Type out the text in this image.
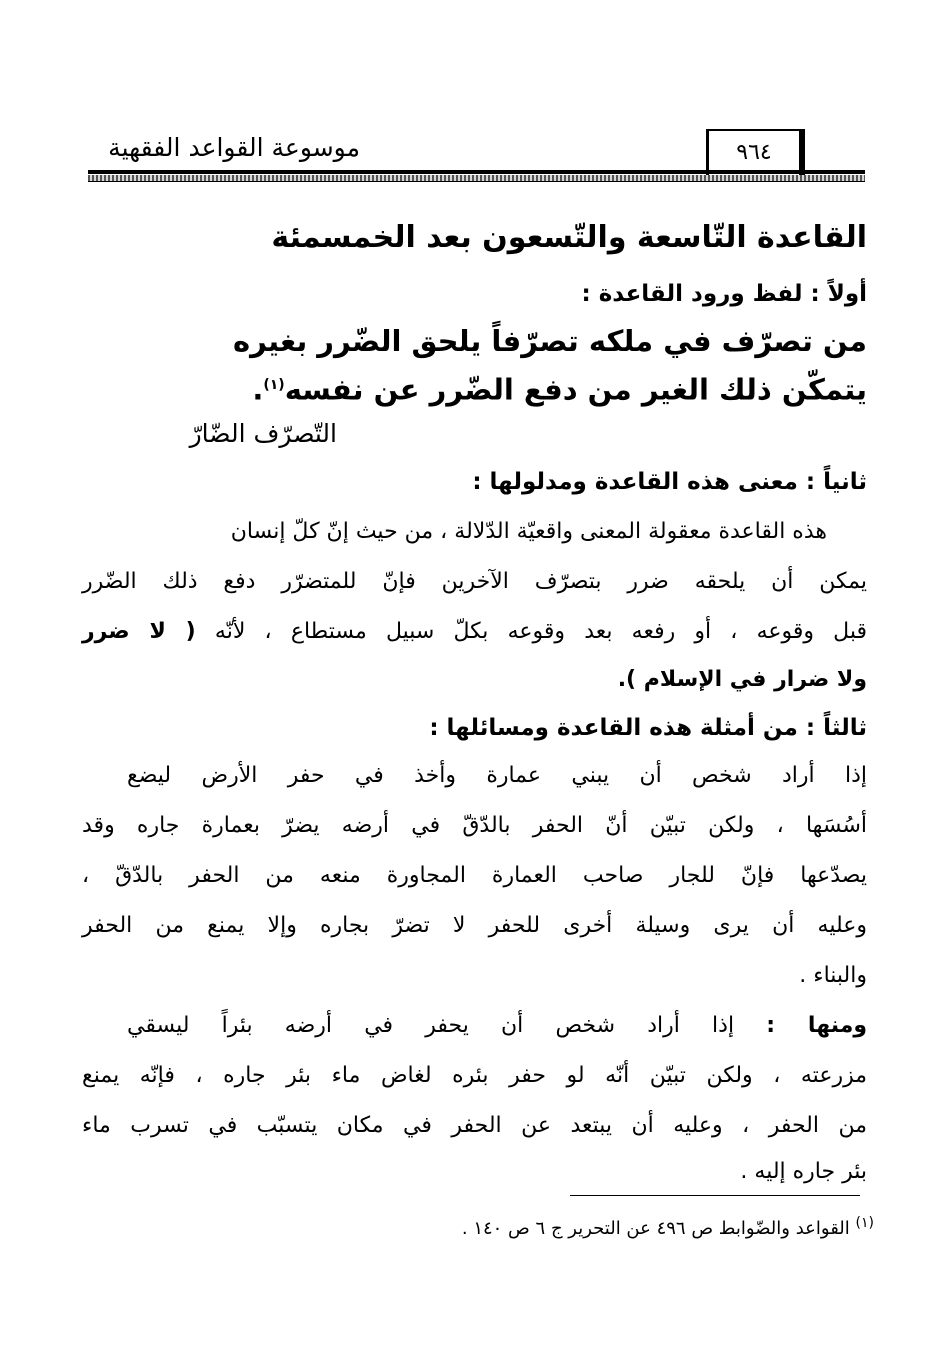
٩٦٤
موسوعة القواعد الفقهية
القاعدة التّاسعة والتّسعون بعد الخمسمئة
أولاً : لفظ ورود القاعدة :
من تصرّف في ملكه تصرّفاً يلحق الضّرر بغيره
يتمكّن ذلك الغير من دفع الضّرر عن نفسه$^{(١)}$.
التّصرّف الضّارّ
ثانياً : معنى هذه القاعدة ومدلولها :
هذه القاعدة معقولة المعنى واقعيّة الدّلالة ، من حيث إنّ كلّ إنسان
يمكن أن يلحقه ضرر بتصرّف الآخرين فإنّ للمتضرّر دفع ذلك الضّرر
قبل وقوعه ، أو رفعه بعد وقوعه بكلّ سبيل مستطاع ، لأنّه ( لا ضرر
ولا ضرار في الإسلام ).
ثالثاً : من أمثلة هذه القاعدة ومسائلها :
إذا أراد شخص أن يبني عمارة وأخذ في حفر الأرض ليضع
أسُسَها ، ولكن تبيّن أنّ الحفر بالدّقّ في أرضه يضرّ بعمارة جاره وقد
يصدّعها فإنّ للجار صاحب العمارة المجاورة منعه من الحفر بالدّقّ ،
وعليه أن يرى وسيلة أخرى للحفر لا تضرّ بجاره وإلا يمنع من الحفر
والبناء .
ومنها : إذا أراد شخص أن يحفر في أرضه بئراً ليسقي
مزرعته ، ولكن تبيّن أنّه لو حفر بئره لغاض ماء بئر جاره ، فإنّه يمنع
من الحفر ، وعليه أن يبتعد عن الحفر في مكان يتسبّب في تسرب ماء
بئر جاره إليه .
$^{(١)}$ القواعد والضّوابط ص ٤٩٦ عن التحرير ج ٦ ص ١٤٠ .
